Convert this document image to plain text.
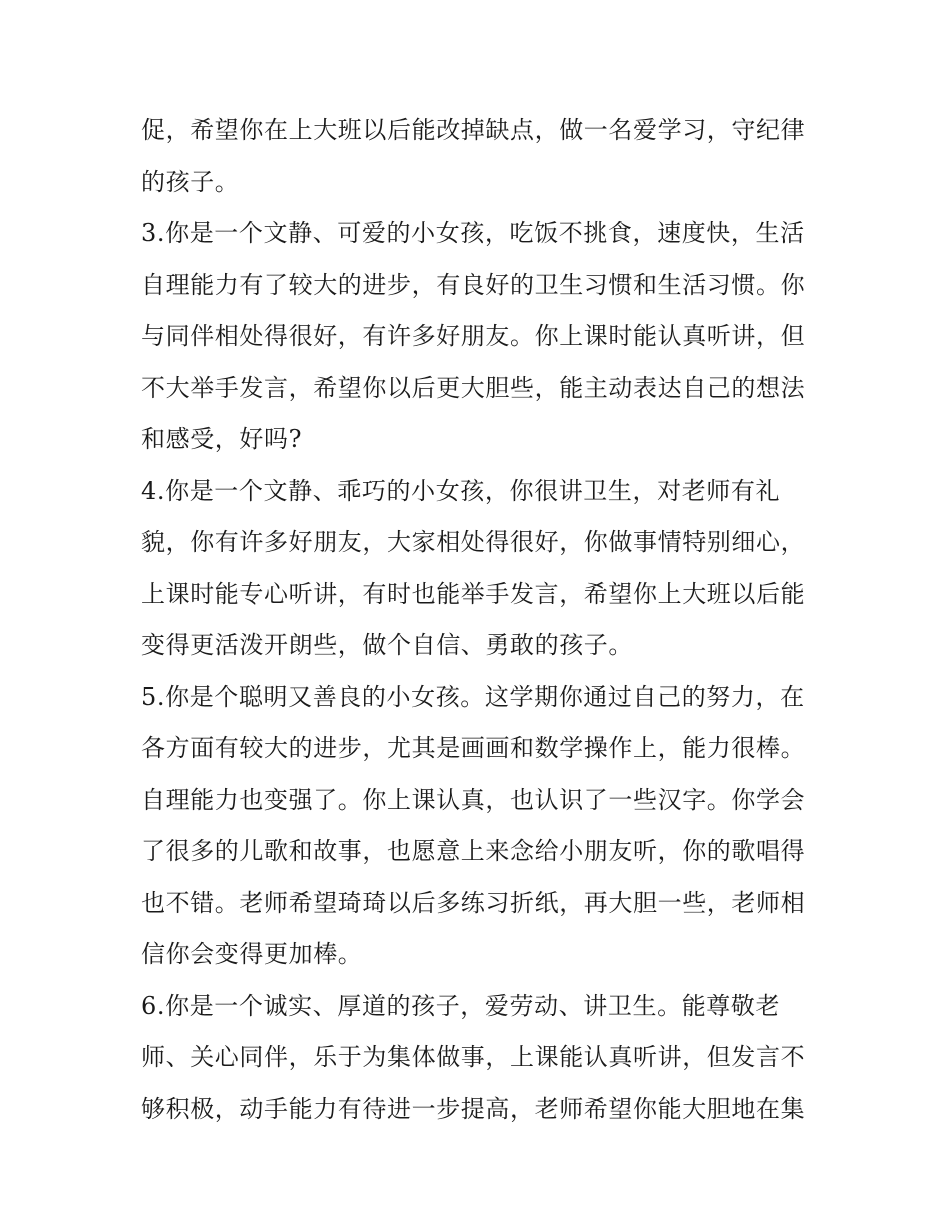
促，希望你在上大班以后能改掉缺点，做一名爱学习，守纪律

的孩子。

3.你是一个文静、可爱的小女孩，吃饭不挑食，速度快，生活

自理能力有了较大的进步，有良好的卫生习惯和生活习惯。你

与同伴相处得很好，有许多好朋友。你上课时能认真听讲，但

不大举手发言，希望你以后更大胆些，能主动表达自己的想法

和感受，好吗?

4.你是一个文静、乖巧的小女孩，你很讲卫生，对老师有礼

貌，你有许多好朋友，大家相处得很好，你做事情特别细心，

上课时能专心听讲，有时也能举手发言，希望你上大班以后能

变得更活泼开朗些，做个自信、勇敢的孩子。

5.你是个聪明又善良的小女孩。这学期你通过自己的努力，在

各方面有较大的进步，尤其是画画和数学操作上，能力很棒。

自理能力也变强了。你上课认真，也认识了一些汉字。你学会

了很多的儿歌和故事，也愿意上来念给小朋友听，你的歌唱得

也不错。老师希望琦琦以后多练习折纸，再大胆一些，老师相

信你会变得更加棒。

6.你是一个诚实、厚道的孩子，爱劳动、讲卫生。能尊敬老

师、关心同伴，乐于为集体做事，上课能认真听讲，但发言不

够积极，动手能力有待进一步提高，老师希望你能大胆地在集
